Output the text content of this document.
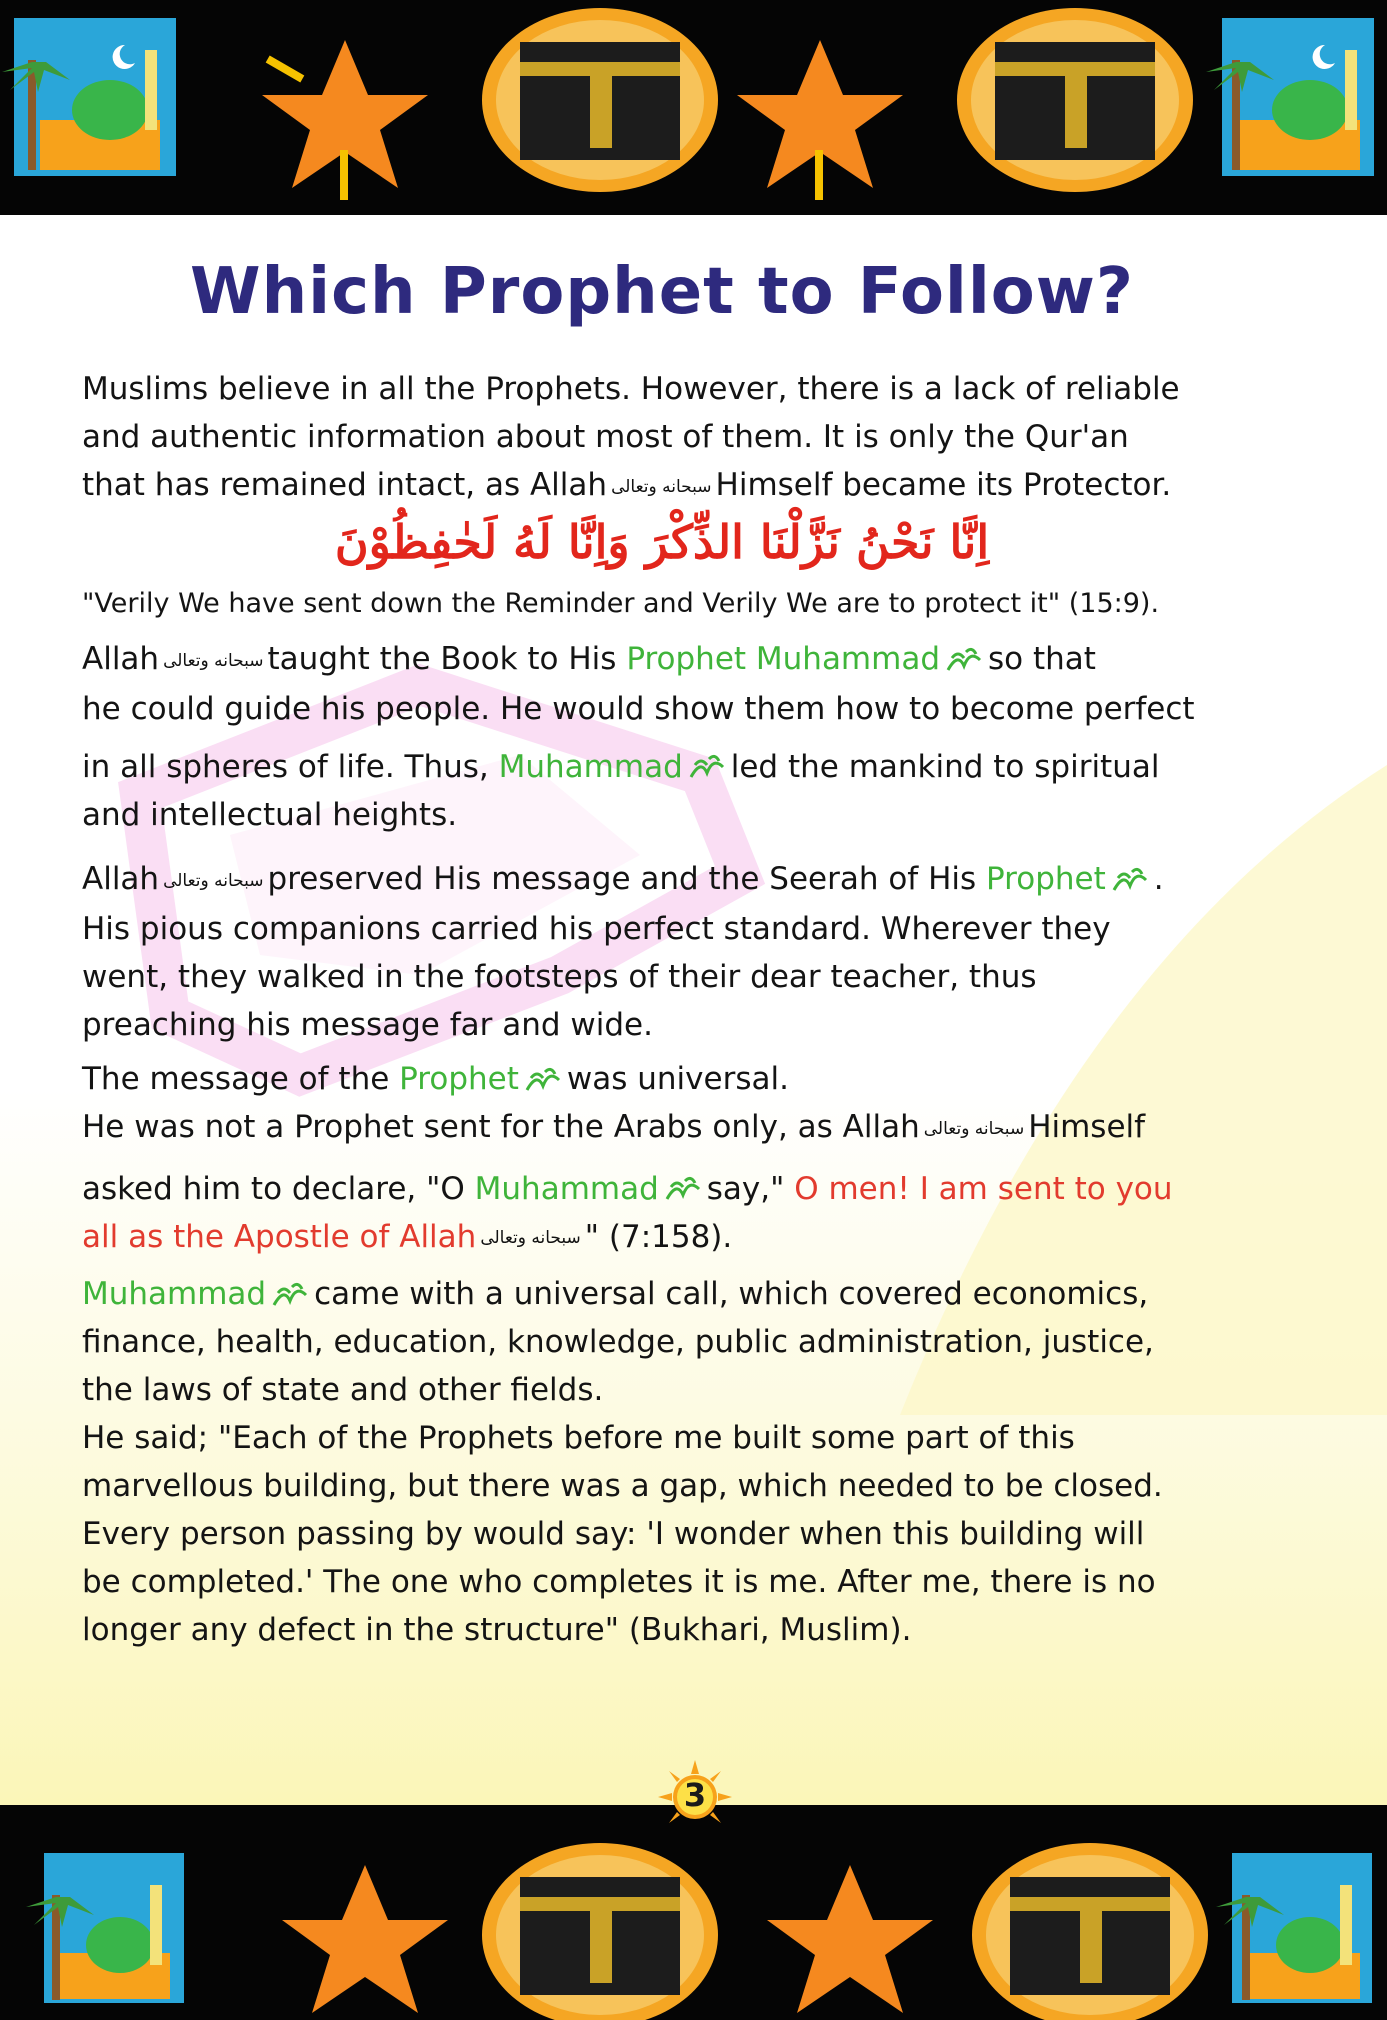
3
Which Prophet to Follow?
Muslims believe in all the Prophets. However, there is a lack of reliable
and authentic information about most of them. It is only the Qur'an
that has remained intact, as Allah سبحانه وتعالى Himself became its Protector.
اِنَّا نَحْنُ نَزَّلْنَا الذِّكْرَ وَاِنَّا لَهُ لَحٰفِظُوْنَ
"Verily We have sent down the Reminder and Verily We are to protect it" (15:9).
Allah سبحانه وتعالى taught the Book to His Prophet Muhammad so that
he could guide his people. He would show them how to become perfect
in all spheres of life. Thus, Muhammad led the mankind to spiritual
and intellectual heights.
Allah سبحانه وتعالى preserved His message and the Seerah of His Prophet .
His pious companions carried his perfect standard. Wherever they
went, they walked in the footsteps of their dear teacher, thus
preaching his message far and wide.
The message of the Prophet was universal.
He was not a Prophet sent for the Arabs only, as Allah سبحانه وتعالى Himself
asked him to declare, "O Muhammad say," O men! I am sent to you
all as the Apostle of Allah سبحانه وتعالى " (7:158).
Muhammad came with a universal call, which covered economics,
finance, health, education, knowledge, public administration, justice,
the laws of state and other fields.
He said; "Each of the Prophets before me built some part of this
marvellous building, but there was a gap, which needed to be closed.
Every person passing by would say: 'I wonder when this building will
be completed.' The one who completes it is me. After me, there is no
longer any defect in the structure" (Bukhari, Muslim).
